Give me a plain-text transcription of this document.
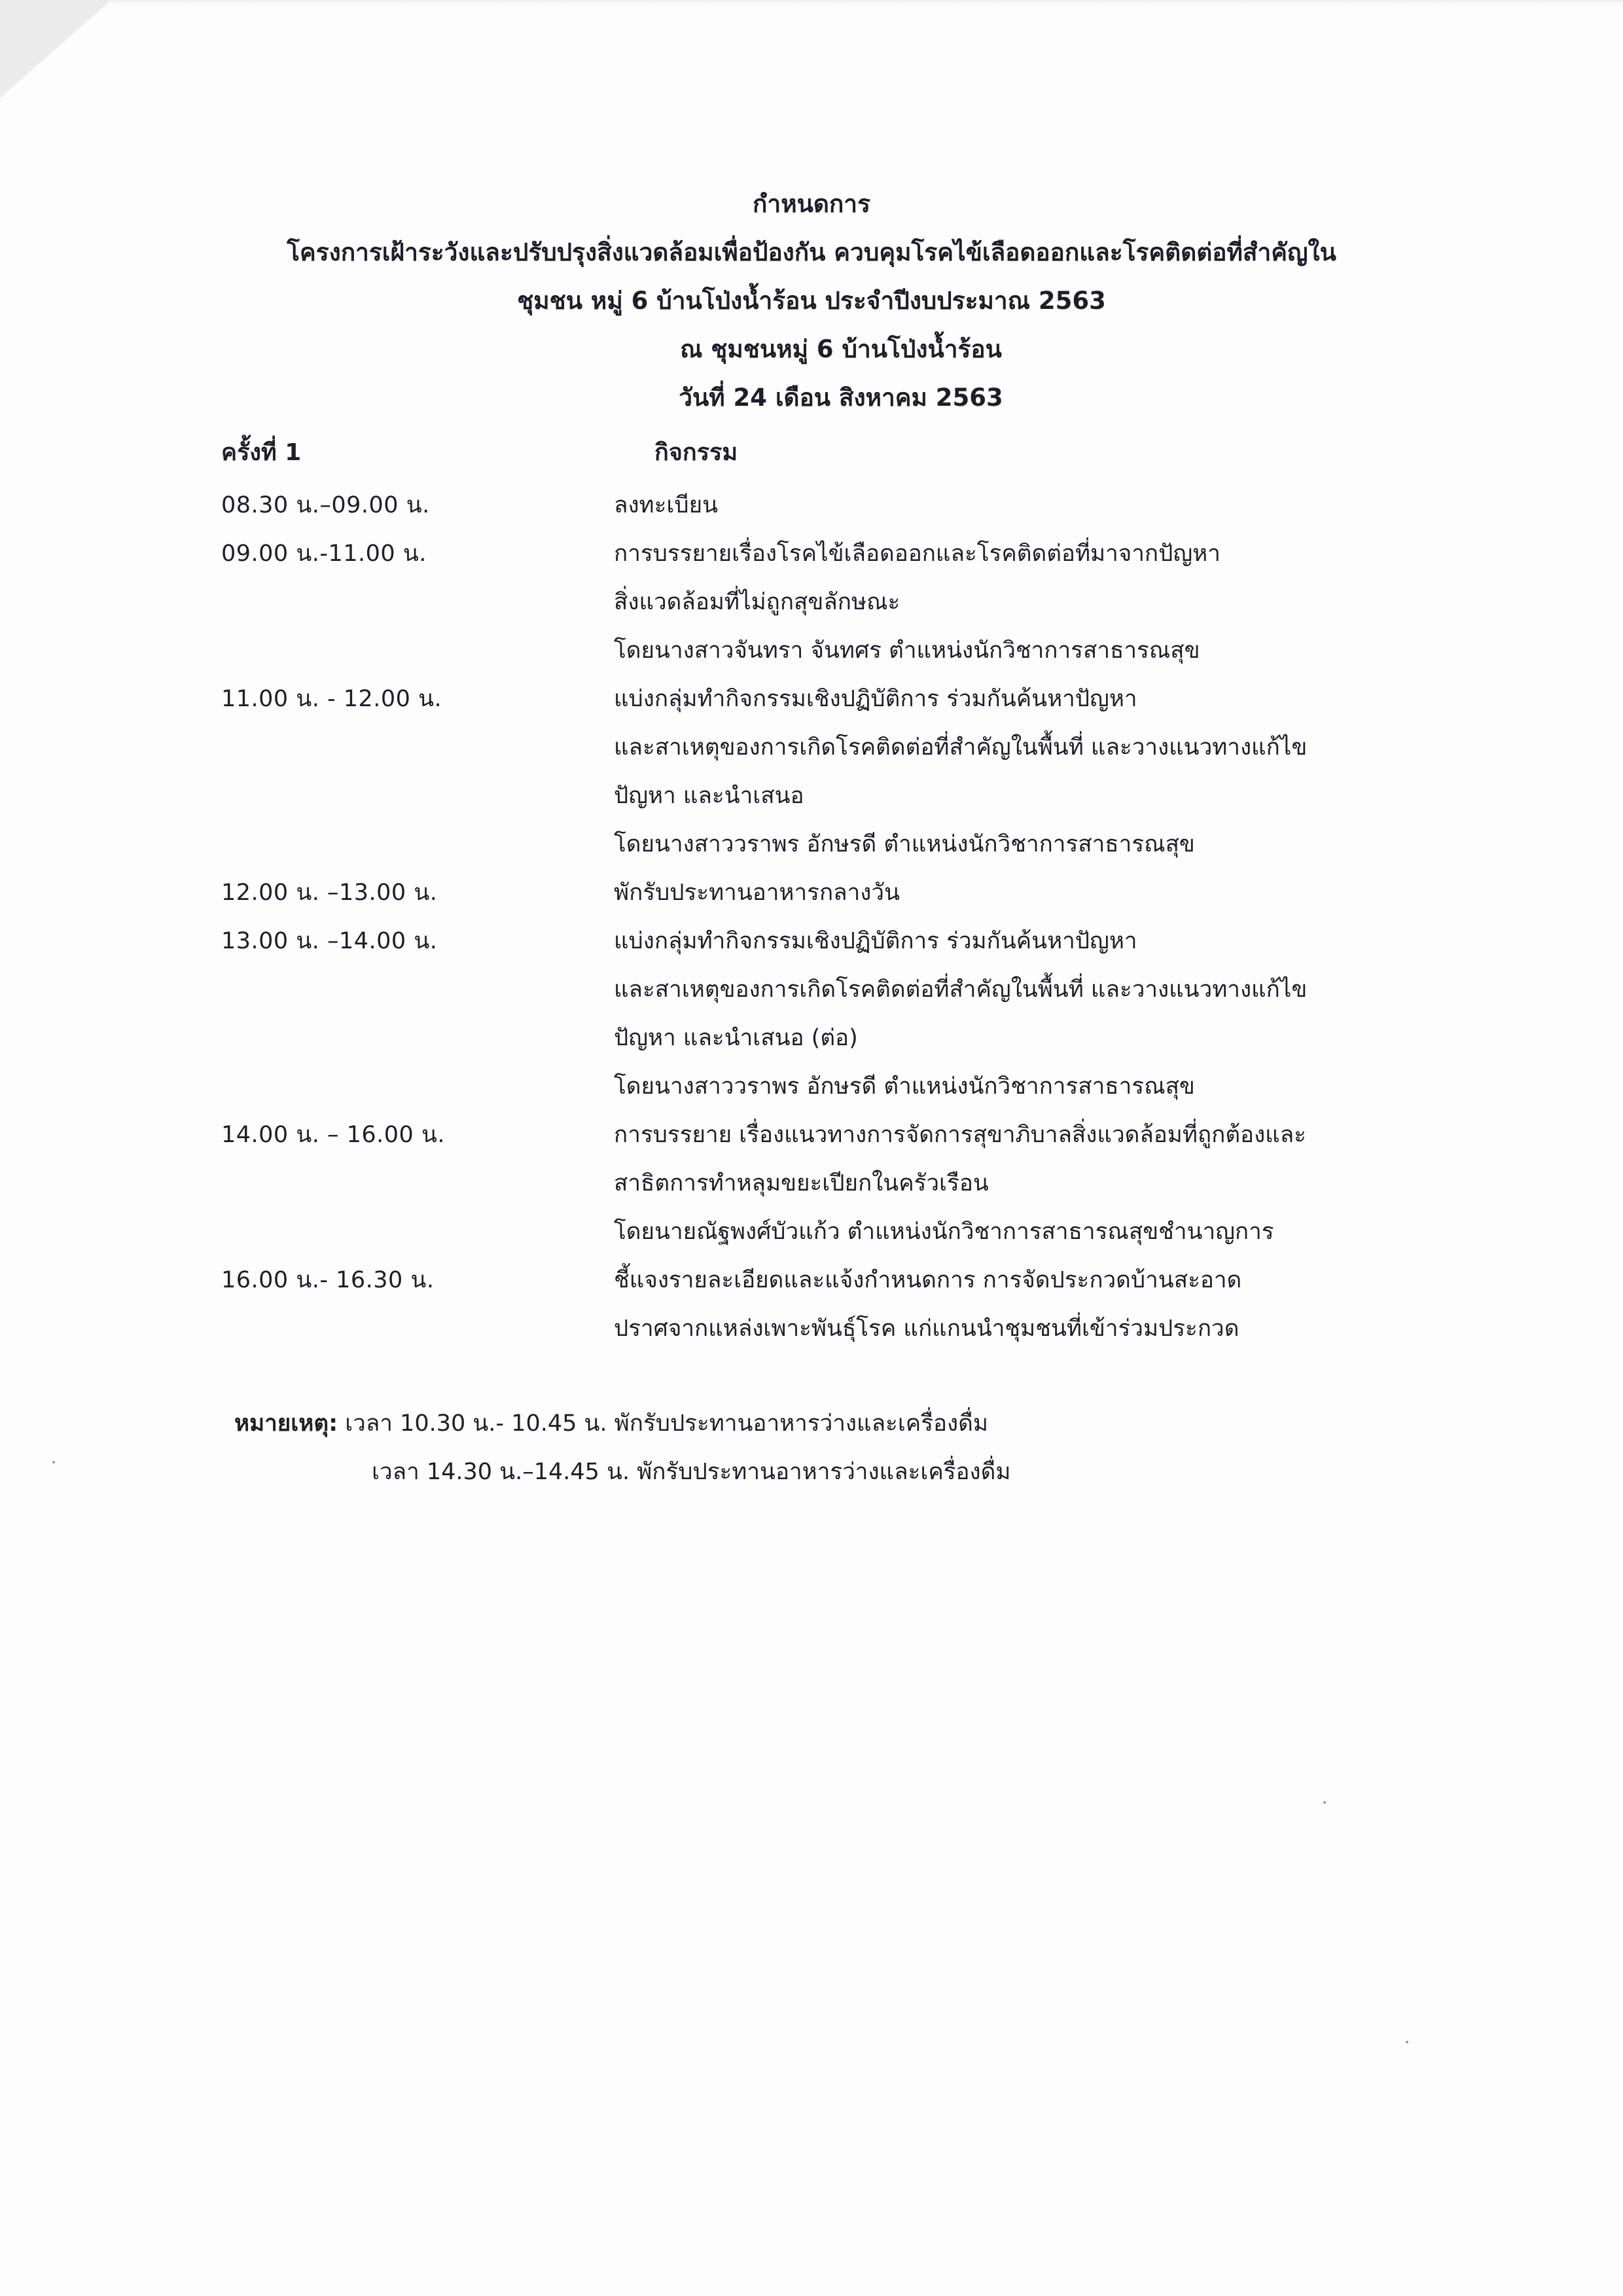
กำหนดการ
โครงการเฝ้าระวังและปรับปรุงสิ่งแวดล้อมเพื่อป้องกัน ควบคุมโรคไข้เลือดออกและโรคติดต่อที่สำคัญใน
ชุมชน หมู่ 6 บ้านโป่งน้ำร้อน ประจำปีงบประมาณ 2563
ณ ชุมชนหมู่ 6 บ้านโป่งน้ำร้อน
วันที่ 24 เดือน สิงหาคม 2563
ครั้งที่ 1	กิจกรรม
08.30 น.–09.00 น.	ลงทะเบียน
09.00 น.-11.00 น.	การบรรยายเรื่องโรคไข้เลือดออกและโรคติดต่อที่มาจากปัญหา
สิ่งแวดล้อมที่ไม่ถูกสุขลักษณะ
โดยนางสาวจันทรา จันทศร ตำแหน่งนักวิชาการสาธารณสุข
11.00 น. - 12.00 น.	แบ่งกลุ่มทำกิจกรรมเชิงปฏิบัติการ ร่วมกันค้นหาปัญหา
และสาเหตุของการเกิดโรคติดต่อที่สำคัญในพื้นที่ และวางแนวทางแก้ไข
ปัญหา และนำเสนอ
โดยนางสาววราพร อักษรดี ตำแหน่งนักวิชาการสาธารณสุข
12.00 น. –13.00 น.	พักรับประทานอาหารกลางวัน
13.00 น. –14.00 น.	แบ่งกลุ่มทำกิจกรรมเชิงปฏิบัติการ ร่วมกันค้นหาปัญหา
และสาเหตุของการเกิดโรคติดต่อที่สำคัญในพื้นที่ และวางแนวทางแก้ไข
ปัญหา และนำเสนอ (ต่อ)
โดยนางสาววราพร อักษรดี ตำแหน่งนักวิชาการสาธารณสุข
14.00 น. – 16.00 น.	การบรรยาย เรื่องแนวทางการจัดการสุขาภิบาลสิ่งแวดล้อมที่ถูกต้องและ
สาธิตการทำหลุมขยะเปียกในครัวเรือน
โดยนายณัฐพงศ์บัวแก้ว ตำแหน่งนักวิชาการสาธารณสุขชำนาญการ
16.00 น.- 16.30 น.	ชี้แจงรายละเอียดและแจ้งกำหนดการ การจัดประกวดบ้านสะอาด
ปราศจากแหล่งเพาะพันธุ์โรค แก่แกนนำชุมชนที่เข้าร่วมประกวด
หมายเหตุ: เวลา 10.30 น.- 10.45 น. พักรับประทานอาหารว่างและเครื่องดื่ม
เวลา 14.30 น.–14.45 น. พักรับประทานอาหารว่างและเครื่องดื่ม
